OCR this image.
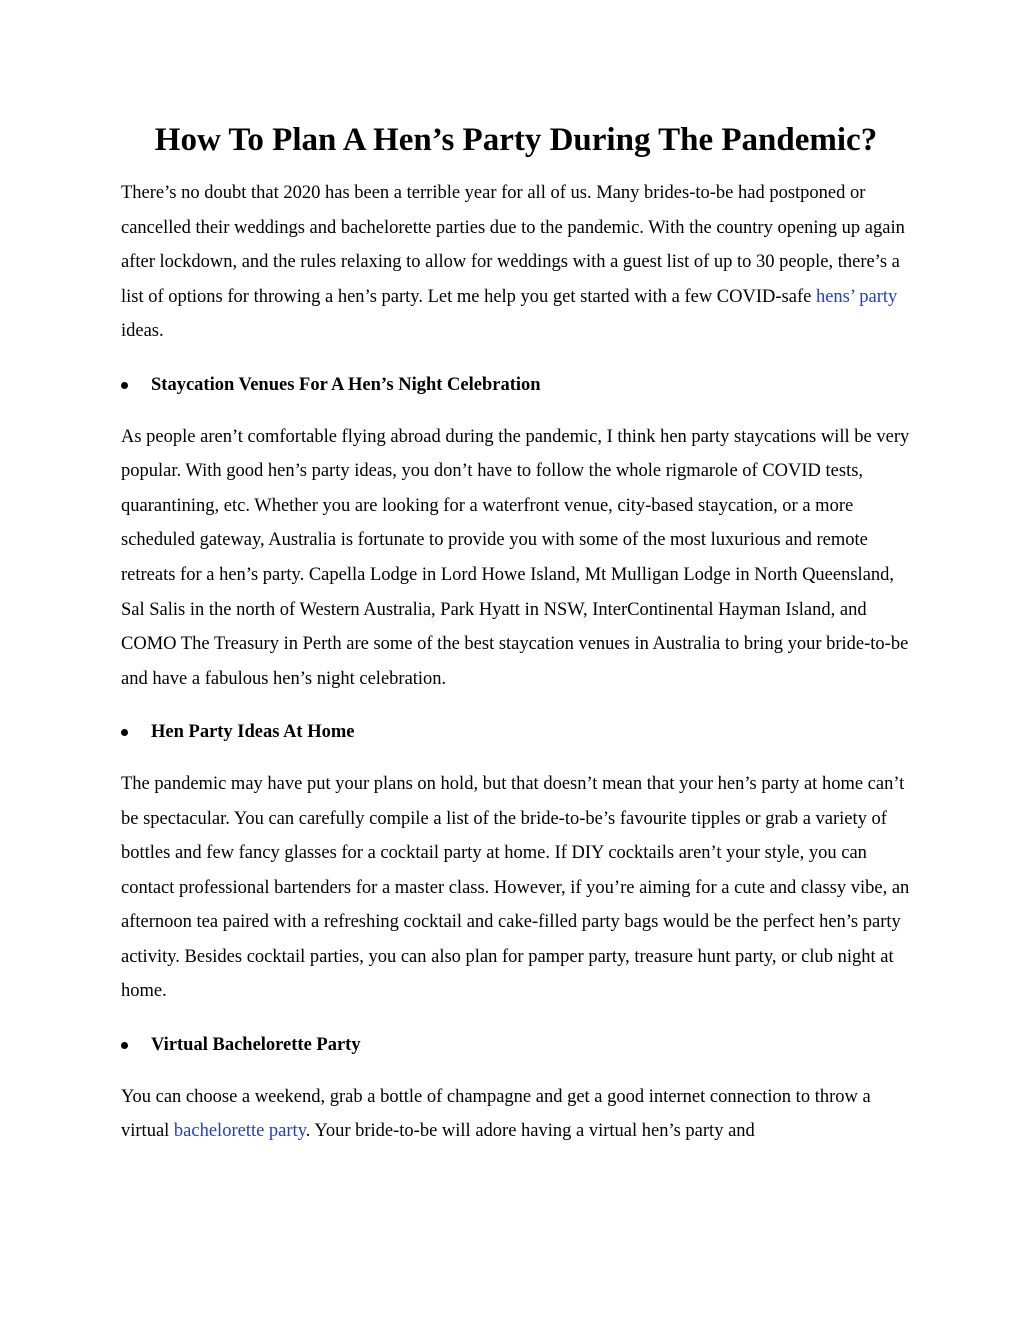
How To Plan A Hen’s Party During The Pandemic?

There’s no doubt that 2020 has been a terrible year for all of us. Many brides-to-be had postponed or cancelled their weddings and bachelorette parties due to the pandemic. With the country opening up again after lockdown, and the rules relaxing to allow for weddings with a guest list of up to 30 people, there’s a list of options for throwing a hen’s party. Let me help you get started with a few COVID-safe hens’ party ideas.

Staycation Venues For A Hen’s Night Celebration

As people aren’t comfortable flying abroad during the pandemic, I think hen party staycations will be very popular. With good hen’s party ideas, you don’t have to follow the whole rigmarole of COVID tests, quarantining, etc. Whether you are looking for a waterfront venue, city-based staycation, or a more scheduled gateway, Australia is fortunate to provide you with some of the most luxurious and remote retreats for a hen’s party. Capella Lodge in Lord Howe Island, Mt Mulligan Lodge in North Queensland, Sal Salis in the north of Western Australia, Park Hyatt in NSW, InterContinental Hayman Island, and COMO The Treasury in Perth are some of the best staycation venues in Australia to bring your bride-to-be and have a fabulous hen’s night celebration.

Hen Party Ideas At Home

The pandemic may have put your plans on hold, but that doesn’t mean that your hen’s party at home can’t be spectacular. You can carefully compile a list of the bride-to-be’s favourite tipples or grab a variety of bottles and few fancy glasses for a cocktail party at home. If DIY cocktails aren’t your style, you can contact professional bartenders for a master class. However, if you’re aiming for a cute and classy vibe, an afternoon tea paired with a refreshing cocktail and cake-filled party bags would be the perfect hen’s party activity. Besides cocktail parties, you can also plan for pamper party, treasure hunt party, or club night at home.

Virtual Bachelorette Party

You can choose a weekend, grab a bottle of champagne and get a good internet connection to throw a virtual bachelorette party. Your bride-to-be will adore having a virtual hen’s party and
